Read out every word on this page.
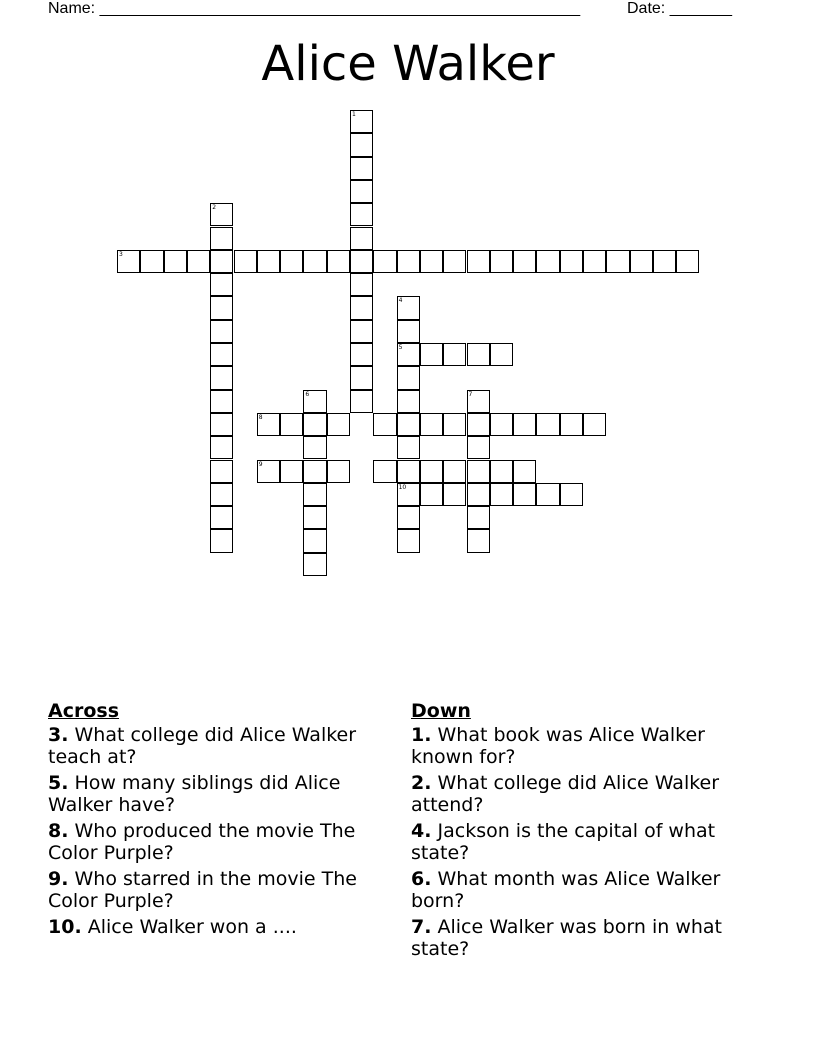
Name: ______________________________________________________	Date: _______
Alice Walker
1
2
3
4
5
10
6	7
8
9
Across
3. What college did Alice Walker teach at?
5. How many siblings did Alice Walker have?
8. Who produced the movie The Color Purple?
9. Who starred in the movie The Color Purple?
10. Alice Walker won a ....
Down
1. What book was Alice Walker known for?
2. What college did Alice Walker attend?
4. Jackson is the capital of what state?
6. What month was Alice Walker born?
7. Alice Walker was born in what state?
